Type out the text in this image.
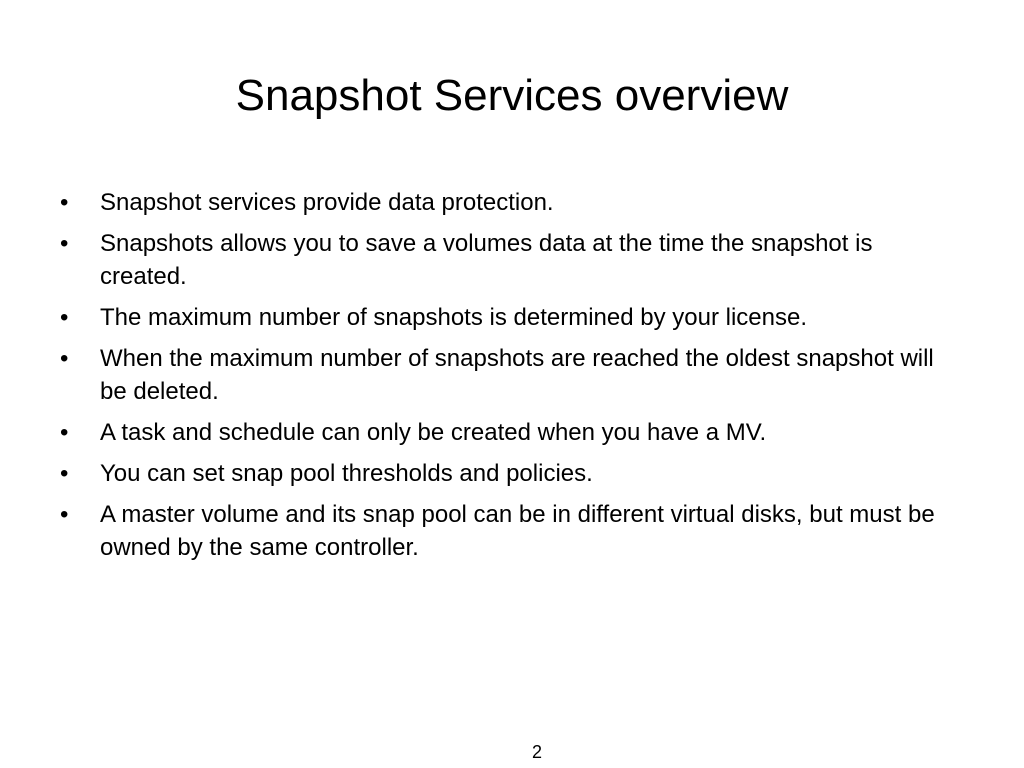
Snapshot Services overview
•	Snapshot services provide data protection.
•	Snapshots allows you to save a volumes data at the time the snapshot is created.
•	The maximum number of snapshots is determined by your license.
•	When the maximum number of snapshots are reached the oldest snapshot will be deleted.
•	A task and schedule can only be created when you have a MV.
•	You can set snap pool thresholds and policies.
•	A master volume and its snap pool can be in different virtual disks, but must be owned by the same controller.
2
